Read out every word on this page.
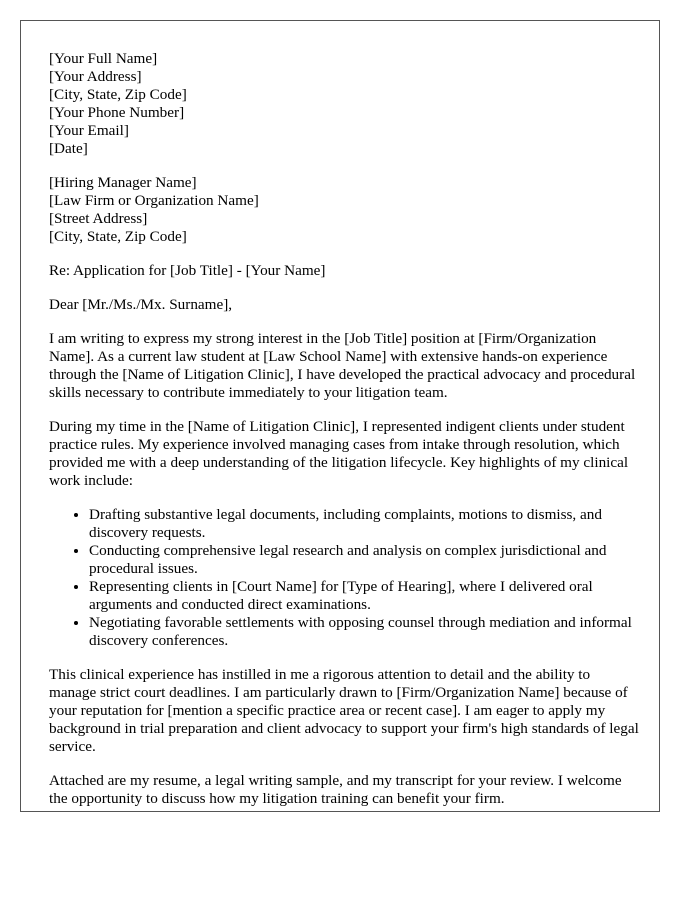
[Your Full Name]
[Your Address]
[City, State, Zip Code]
[Your Phone Number]
[Your Email]
[Date]
[Hiring Manager Name]
[Law Firm or Organization Name]
[Street Address]
[City, State, Zip Code]

Re: Application for [Job Title] - [Your Name]

Dear [Mr./Ms./Mx. Surname],

I am writing to express my strong interest in the [Job Title] position at [Firm/Organization Name]. As a current law student at [Law School Name] with extensive hands-on experience through the [Name of Litigation Clinic], I have developed the practical advocacy and procedural skills necessary to contribute immediately to your litigation team.

During my time in the [Name of Litigation Clinic], I represented indigent clients under student practice rules. My experience involved managing cases from intake through resolution, which provided me with a deep understanding of the litigation lifecycle. Key highlights of my clinical work include:

• Drafting substantive legal documents, including complaints, motions to dismiss, and discovery requests.
• Conducting comprehensive legal research and analysis on complex jurisdictional and procedural issues.
• Representing clients in [Court Name] for [Type of Hearing], where I delivered oral arguments and conducted direct examinations.
• Negotiating favorable settlements with opposing counsel through mediation and informal discovery conferences.

This clinical experience has instilled in me a rigorous attention to detail and the ability to manage strict court deadlines. I am particularly drawn to [Firm/Organization Name] because of your reputation for [mention a specific practice area or recent case]. I am eager to apply my background in trial preparation and client advocacy to support your firm's high standards of legal service.

Attached are my resume, a legal writing sample, and my transcript for your review. I welcome the opportunity to discuss how my litigation training can benefit your firm.
